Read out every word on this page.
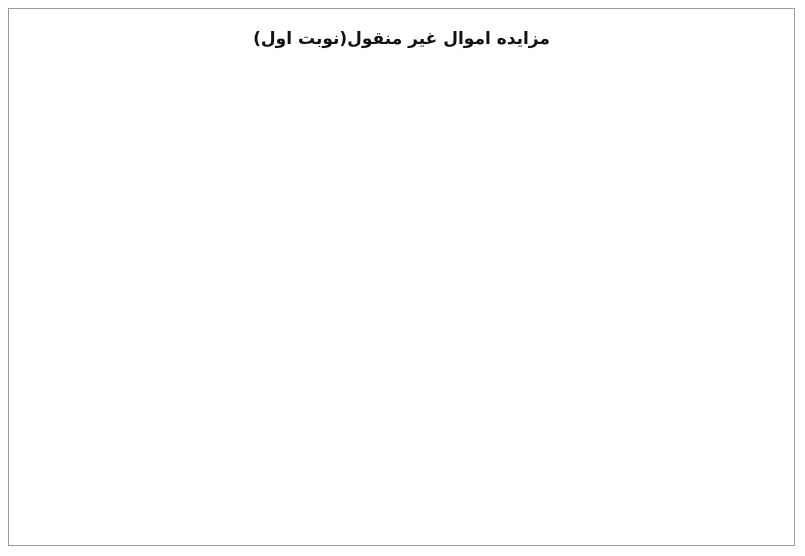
مزایده اموال غیر منقول(نوبت اول)
